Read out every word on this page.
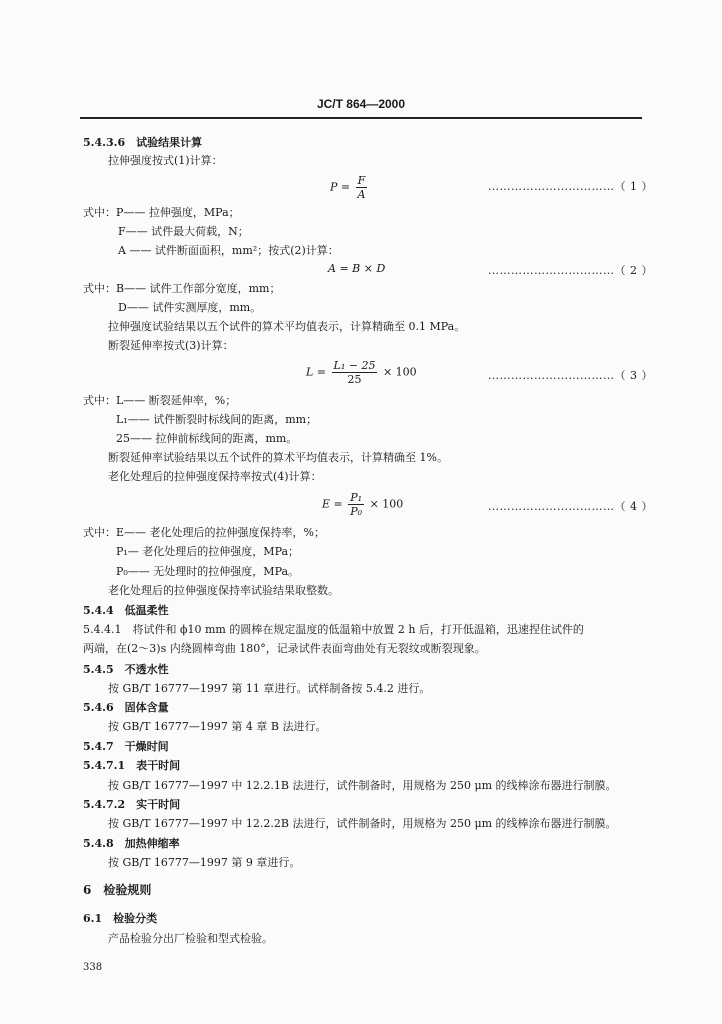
JC/T 864—2000
5.4.3.6　试验结果计算
拉伸强度按式(1)计算：
$P = \frac{F}{A}$	……………………………（ 1 ）
式中：P—— 拉伸强度，MPa；
F—— 试件最大荷载，N；
A —— 试件断面面积，mm²；按式(2)计算：
A = B × D	……………………………（ 2 ）
式中：B—— 试件工作部分宽度，mm；
D—— 试件实测厚度，mm。
拉伸强度试验结果以五个试件的算术平均值表示，计算精确至 0.1 MPa。
断裂延伸率按式(3)计算：
$L = \frac{\text{L₁ − 25}}{25} \times 100$	……………………………（ 3 ）
式中：L—— 断裂延伸率，%；
L₁—— 试件断裂时标线间的距离，mm；
25—— 拉伸前标线间的距离，mm。
断裂延伸率试验结果以五个试件的算术平均值表示，计算精确至 1%。
老化处理后的拉伸强度保持率按式(4)计算：
$E = \frac{\text{P₁}}{\text{P₀}} \times 100$	……………………………（ 4 ）
式中：E—— 老化处理后的拉伸强度保持率，%；
P₁— 老化处理后的拉伸强度，MPa；
P₀—— 无处理时的拉伸强度，MPa。
老化处理后的拉伸强度保持率试验结果取整数。
5.4.4　低温柔性
5.4.4.1　将试件和 ϕ10 mm 的圆棒在规定温度的低温箱中放置 2 h 后，打开低温箱，迅速捏住试件的
两端，在(2～3)s 内绕圆棒弯曲 180°，记录试件表面弯曲处有无裂纹或断裂现象。
5.4.5　不透水性
按 GB/T 16777—1997 第 11 章进行。试样制备按 5.4.2 进行。
5.4.6　固体含量
按 GB/T 16777—1997 第 4 章 B 法进行。
5.4.7　干燥时间
5.4.7.1　表干时间
按 GB/T 16777—1997 中 12.2.1B 法进行，试件制备时，用规格为 250 μm 的线棒涂布器进行制膜。
5.4.7.2　实干时间
按 GB/T 16777—1997 中 12.2.2B 法进行，试件制备时，用规格为 250 μm 的线棒涂布器进行制膜。
5.4.8　加热伸缩率
按 GB/T 16777—1997 第 9 章进行。
6　检验规则
6.1　检验分类
产品检验分出厂检验和型式检验。
338
